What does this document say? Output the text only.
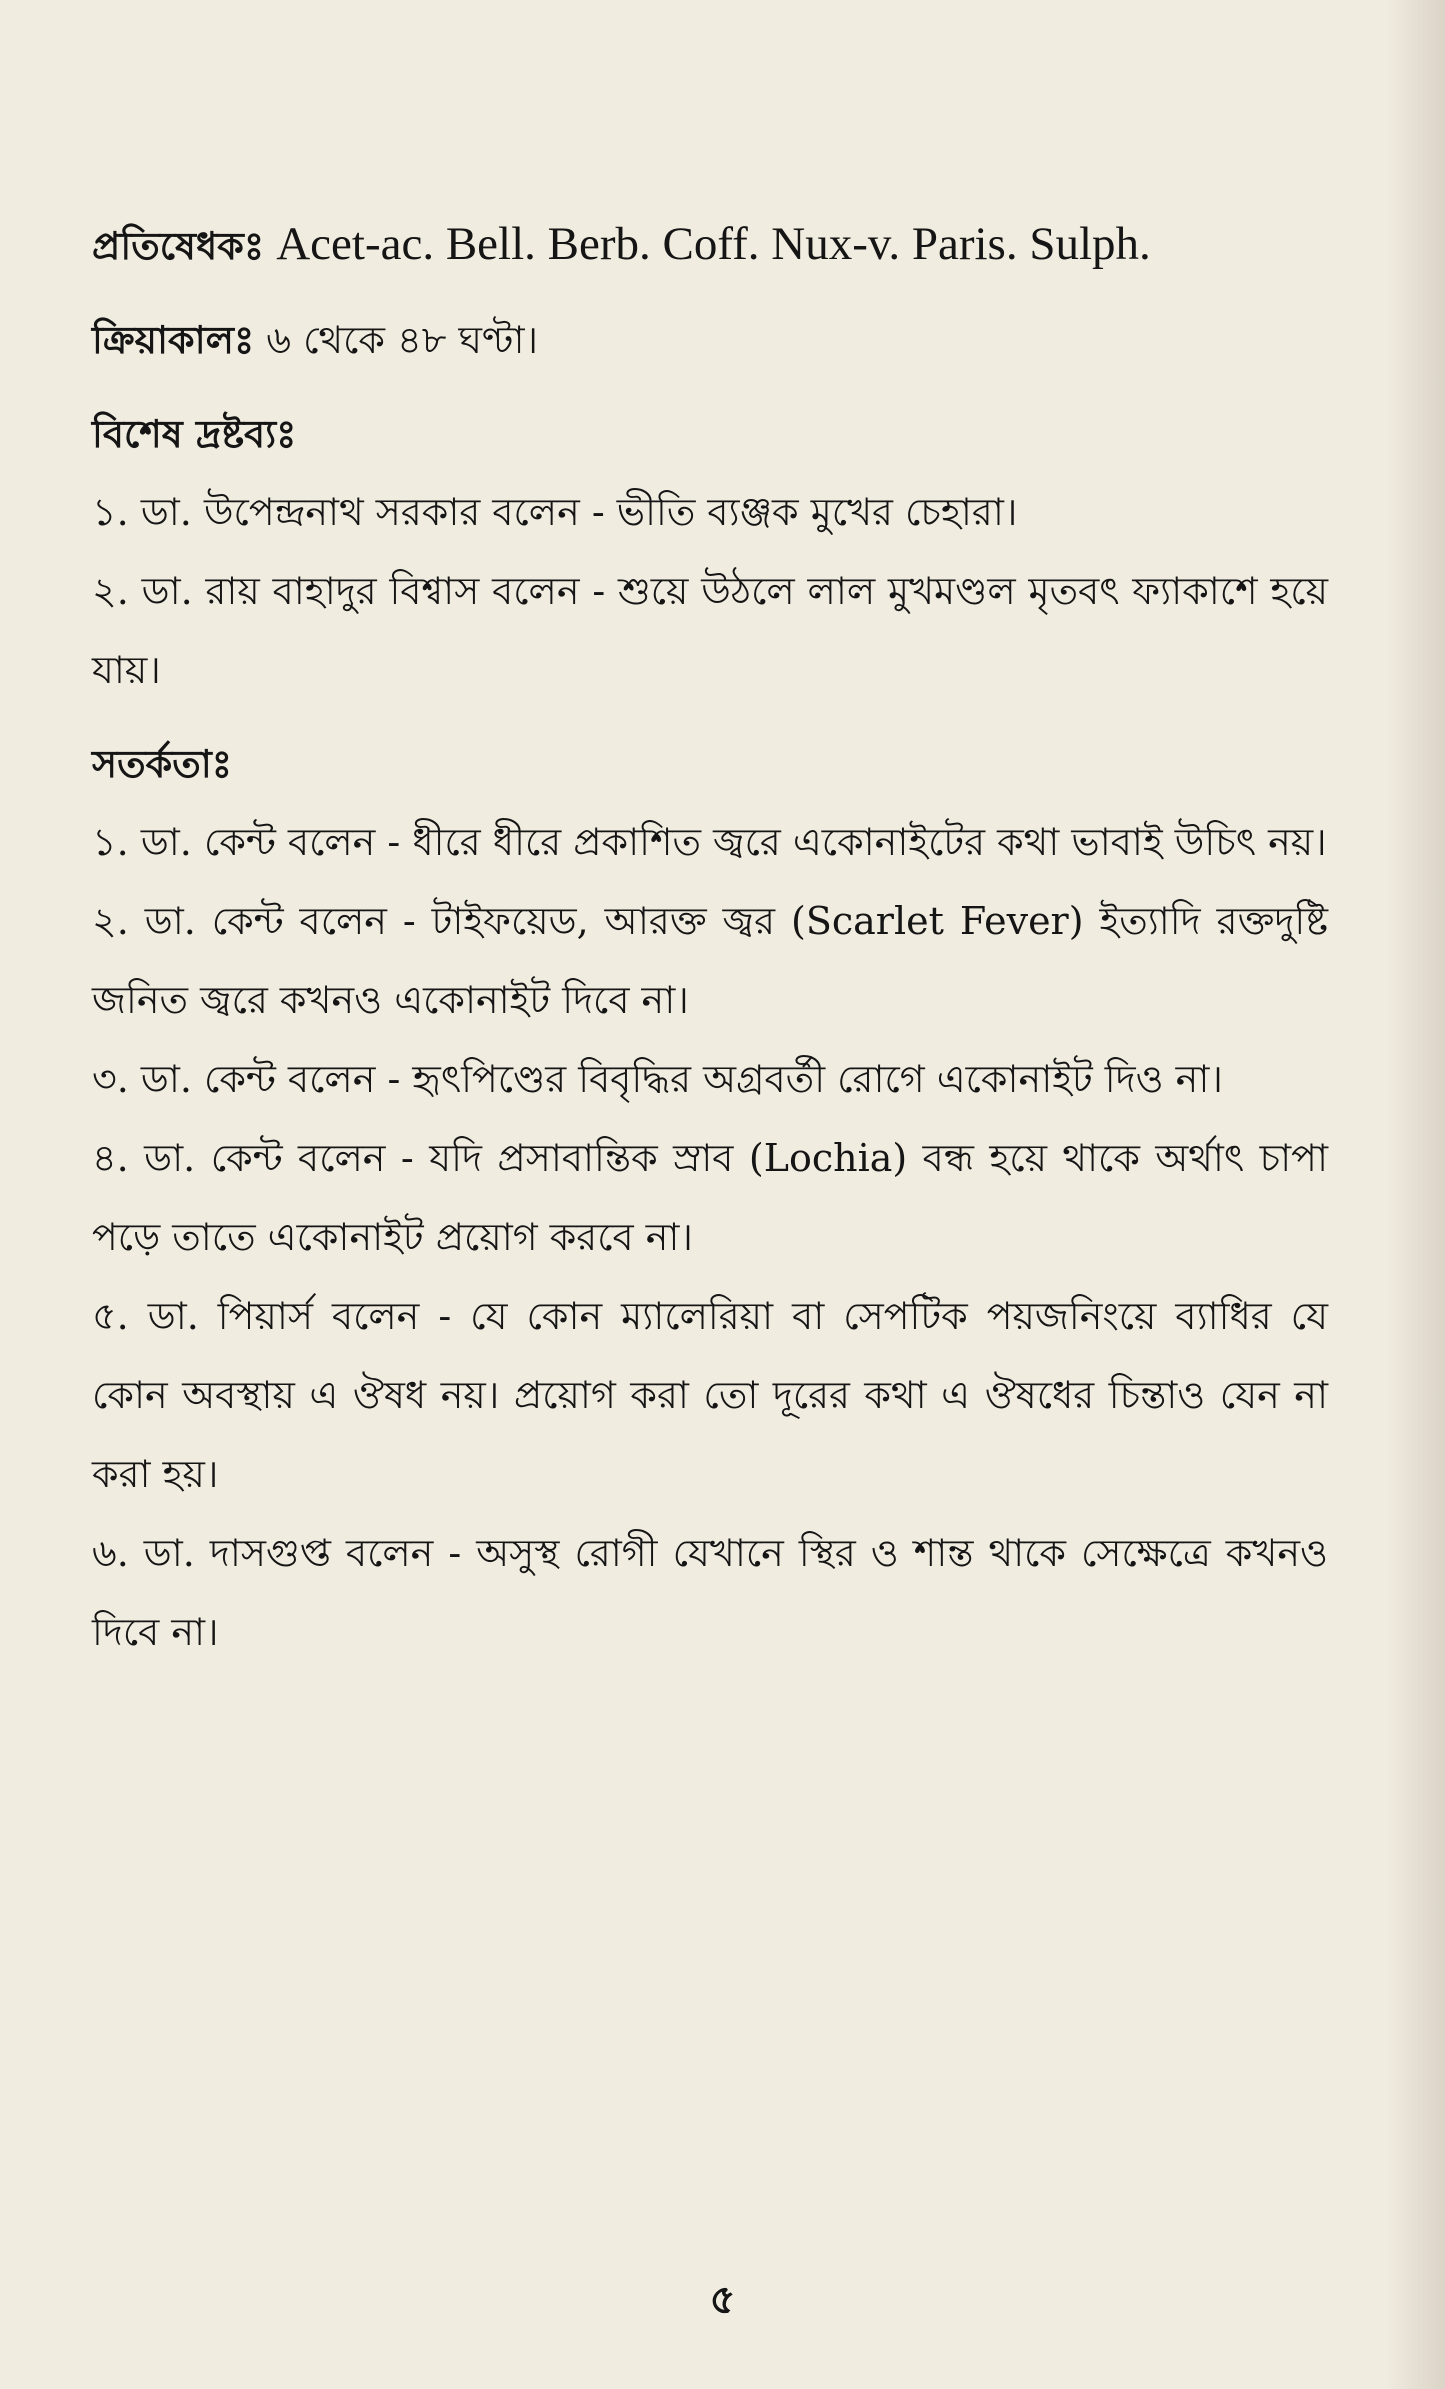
প্রতিষেধকঃ Acet-ac. Bell. Berb. Coff. Nux-v. Paris. Sulph.

ক্রিয়াকালঃ ৬ থেকে ৪৮ ঘণ্টা।

বিশেষ দ্রষ্টব্যঃ

১. ডা. উপেন্দ্রনাথ সরকার বলেন - ভীতি ব্যঞ্জক মুখের চেহারা।

২. ডা. রায় বাহাদুর বিশ্বাস বলেন - শুয়ে উঠলে লাল মুখমণ্ডল মৃতবৎ ফ্যাকাশে হয়ে যায়।

সতর্কতাঃ

১. ডা. কেন্ট বলেন - ধীরে ধীরে প্রকাশিত জ্বরে একোনাইটের কথা ভাবাই উচিৎ নয়।

২. ডা. কেন্ট বলেন - টাইফয়েড, আরক্ত জ্বর (Scarlet Fever) ইত্যাদি রক্তদুষ্টি জনিত জ্বরে কখনও একোনাইট দিবে না।

৩. ডা. কেন্ট বলেন - হৃৎপিণ্ডের বিবৃদ্ধির অগ্রবর্তী রোগে একোনাইট দিও না।

৪. ডা. কেন্ট বলেন - যদি প্রসাবান্তিক স্রাব (Lochia) বন্ধ হয়ে থাকে অর্থাৎ চাপা পড়ে তাতে একোনাইট প্রয়োগ করবে না।

৫. ডা. পিয়ার্স বলেন - যে কোন ম্যালেরিয়া বা সেপটিক পয়জনিংয়ে ব্যাধির যে কোন অবস্থায় এ ঔষধ নয়। প্রয়োগ করা তো দূরের কথা এ ঔষধের চিন্তাও যেন না করা হয়।

৬. ডা. দাসগুপ্ত বলেন - অসুস্থ রোগী যেখানে স্থির ও শান্ত থাকে সেক্ষেত্রে কখনও দিবে না।

৫
